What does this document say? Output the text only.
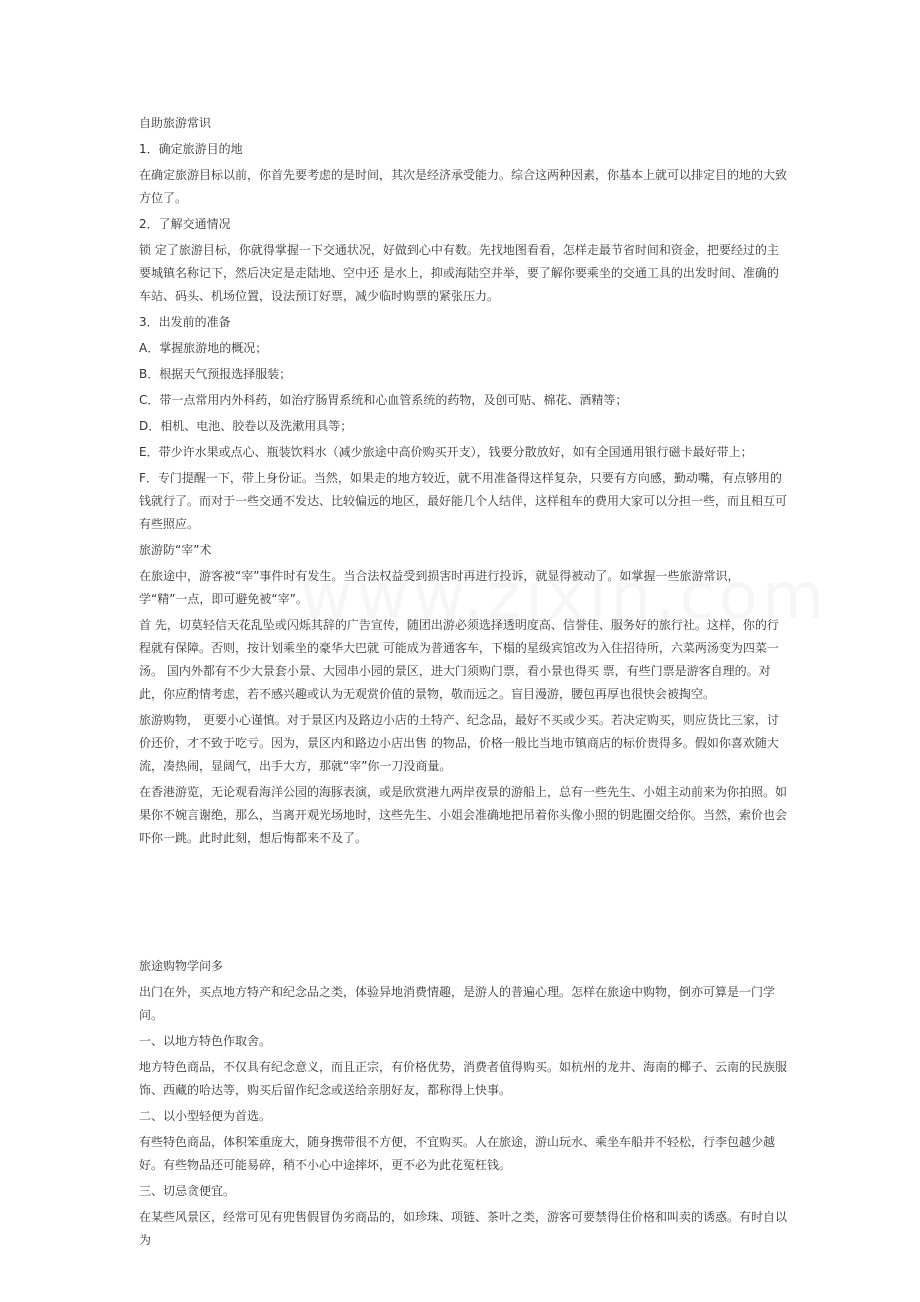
自助旅游常识

1．确定旅游目的地

在确定旅游目标以前，你首先要考虑的是时间，其次是经济承受能力。综合这两种因素，你基本上就可以排定目的地的大致方位了。

2．了解交通情况

锁 定了旅游目标，你就得掌握一下交通状况，好做到心中有数。先找地图看看，怎样走最节省时间和资金，把要经过的主要城镇名称记下，然后决定是走陆地、空中还 是水上，抑或海陆空并举，要了解你要乘坐的交通工具的出发时间、准确的车站、码头、机场位置，设法预订好票，减少临时购票的紧张压力。

3．出发前的准备

A．掌握旅游地的概况；

B．根据天气预报选择服装；

C．带一点常用内外科药，如治疗肠胃系统和心血管系统的药物，及创可贴、棉花、酒精等；

D．相机、电池、胶卷以及洗漱用具等；

E．带少许水果或点心、瓶装饮料水（减少旅途中高价购买开支），钱要分散放好，如有全国通用银行磁卡最好带上；

F．专门提醒一下，带上身份证。当然，如果走的地方较近，就不用准备得这样复杂，只要有方向感，勤动嘴，有点够用的钱就行了。而对于一些交通不发达、比较偏远的地区，最好能几个人结伴，这样租车的费用大家可以分担一些，而且相互可有些照应。

旅游防“宰”术

在旅途中，游客被“宰”事件时有发生。当合法权益受到损害时再进行投诉，就显得被动了。如掌握一些旅游常识，学“精”一点，即可避免被“宰”。

首 先，切莫轻信天花乱坠或闪烁其辞的广告宣传，随团出游必须选择透明度高、信誉佳、服务好的旅行社。这样，你的行程就有保障。否则，按计划乘坐的豪华大巴就 可能成为普通客车，下榻的星级宾馆改为入住招待所，六菜两汤变为四菜一汤。 国内外都有不少大景套小景、大园串小园的景区，进大门须购门票，看小景也得买 票，有些门票是游客自理的。对此，你应酌情考虑，若不感兴趣或认为无观赏价值的景物，敬而远之。盲目漫游，腰包再厚也很快会被掏空。

旅游购物， 更要小心谨慎。对于景区内及路边小店的土特产、纪念品，最好不买或少买。若决定购买，则应货比三家，讨价还价，才不致于吃亏。因为，景区内和路边小店出售 的物品，价格一般比当地市镇商店的标价贵得多。假如你喜欢随大流，凑热闹，显阔气，出手大方，那就“宰”你一刀没商量。

在香港游览，无论观看海洋公园的海豚表演，或是欣赏港九两岸夜景的游船上，总有一些先生、小姐主动前来为你拍照。如果你不婉言谢绝，那么，当离开观光场地时，这些先生、小姐会准确地把吊着你头像小照的钥匙圈交给你。当然，索价也会吓你一跳。此时此刻，想后悔都来不及了。

旅途购物学问多

出门在外，买点地方特产和纪念品之类，体验异地消费情趣，是游人的普遍心理。怎样在旅途中购物，倒亦可算是一门学问。

一、以地方特色作取舍。

地方特色商品，不仅具有纪念意义，而且正宗，有价格优势，消费者值得购买。如杭州的龙井、海南的椰子、云南的民族服饰、西藏的哈达等，购买后留作纪念或送给亲朋好友，都称得上快事。

二、以小型轻便为首选。

有些特色商品，体积笨重庞大，随身携带很不方便，不宜购买。人在旅途，游山玩水、乘坐车船并不轻松，行李包越少越好。有些物品还可能易碎，稍不小心中途摔坏，更不必为此花冤枉钱。

三、切忌贪便宜。

在某些风景区，经常可见有兜售假冒伪劣商品的，如珍珠、项链、茶叶之类，游客可要禁得住价格和叫卖的诱惑。有时自以为
